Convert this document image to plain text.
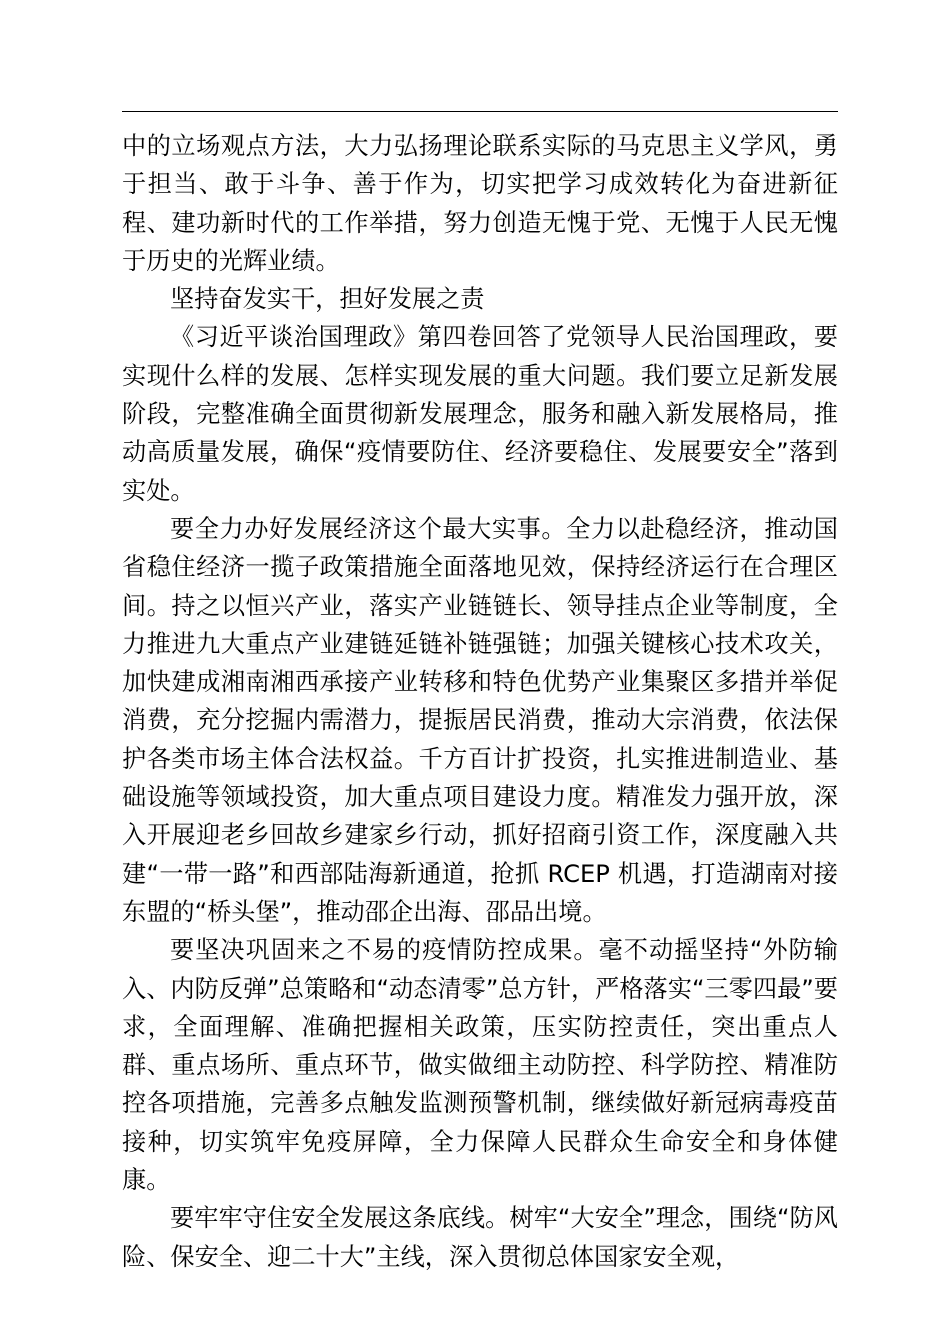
中的立场观点方法，大力弘扬理论联系实际的马克思主义学风，勇于担当、敢于斗争、善于作为，切实把学习成效转化为奋进新征程、建功新时代的工作举措，努力创造无愧于党、无愧于人民无愧于历史的光辉业绩。

坚持奋发实干，担好发展之责

《习近平谈治国理政》第四卷回答了党领导人民治国理政，要实现什么样的发展、怎样实现发展的重大问题。我们要立足新发展阶段，完整准确全面贯彻新发展理念，服务和融入新发展格局，推动高质量发展，确保“疫情要防住、经济要稳住、发展要安全”落到实处。

要全力办好发展经济这个最大实事。全力以赴稳经济，推动国省稳住经济一揽子政策措施全面落地见效，保持经济运行在合理区间。持之以恒兴产业，落实产业链链长、领导挂点企业等制度，全力推进九大重点产业建链延链补链强链；加强关键核心技术攻关，加快建成湘南湘西承接产业转移和特色优势产业集聚区多措并举促消费，充分挖掘内需潜力，提振居民消费，推动大宗消费，依法保护各类市场主体合法权益。千方百计扩投资，扎实推进制造业、基础设施等领域投资，加大重点项目建设力度。精准发力强开放，深入开展迎老乡回故乡建家乡行动，抓好招商引资工作，深度融入共建“一带一路”和西部陆海新通道，抢抓 RCEP 机遇，打造湖南对接东盟的“桥头堡”，推动邵企出海、邵品出境。

要坚决巩固来之不易的疫情防控成果。毫不动摇坚持“外防输入、内防反弹”总策略和“动态清零”总方针，严格落实“三零四最”要求，全面理解、准确把握相关政策，压实防控责任，突出重点人群、重点场所、重点环节，做实做细主动防控、科学防控、精准防控各项措施，完善多点触发监测预警机制，继续做好新冠病毒疫苗接种，切实筑牢免疫屏障，全力保障人民群众生命安全和身体健康。

要牢牢守住安全发展这条底线。树牢“大安全”理念，围绕“防风险、保安全、迎二十大”主线，深入贯彻总体国家安全观，
